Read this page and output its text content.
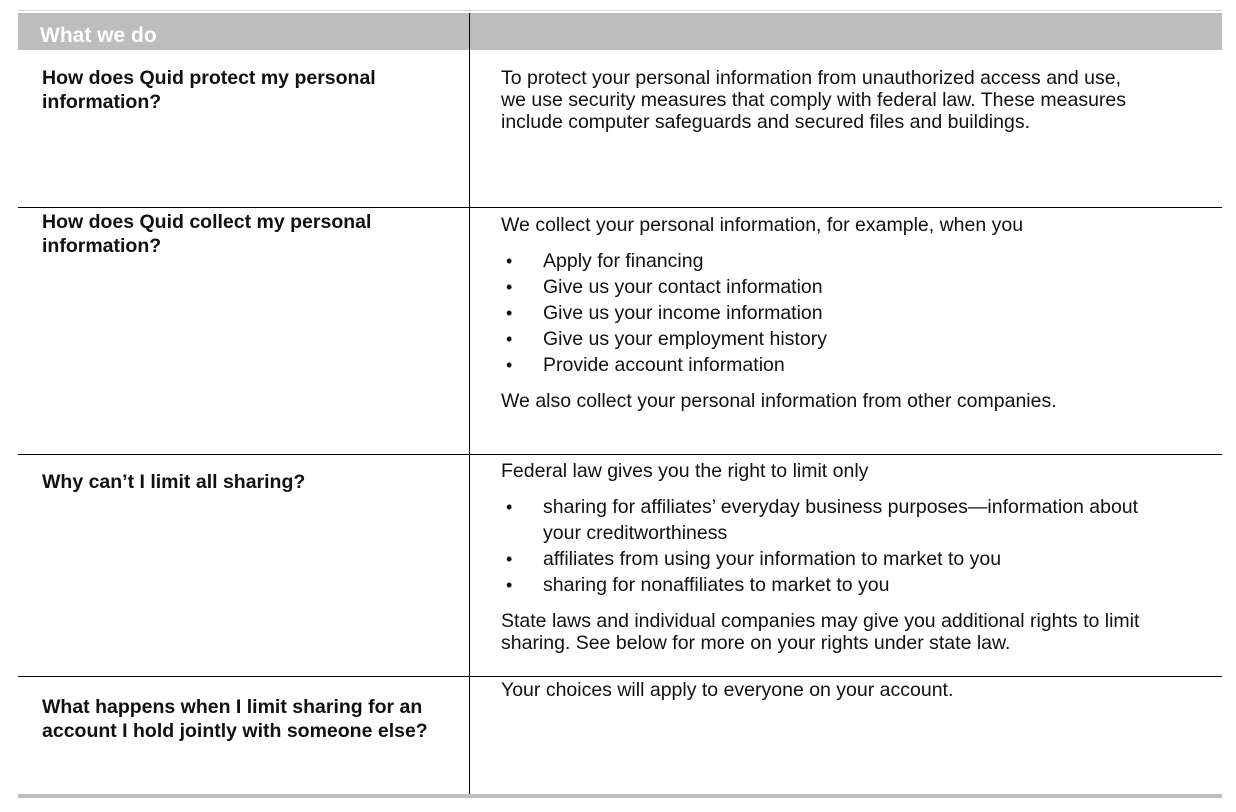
What we do
How does Quid protect my personal information?
To protect your personal information from unauthorized access and use, we use security measures that comply with federal law. These measures include computer safeguards and secured files and buildings.
How does Quid collect my personal information?

We collect your personal information, for example, when you

• Apply for financing
• Give us your contact information
• Give us your income information
• Give us your employment history
• Provide account information

We also collect your personal information from other companies.

Why can’t I limit all sharing?	Federal law gives you the right to limit only

• sharing for affiliates’ everyday business purposes—information about your creditworthiness
• affiliates from using your information to market to you
• sharing for nonaffiliates to market to you

State laws and individual companies may give you additional rights to limit sharing. See below for more on your rights under state law.

What happens when I limit sharing for an account I hold jointly with someone else?
Your choices will apply to everyone on your account.
